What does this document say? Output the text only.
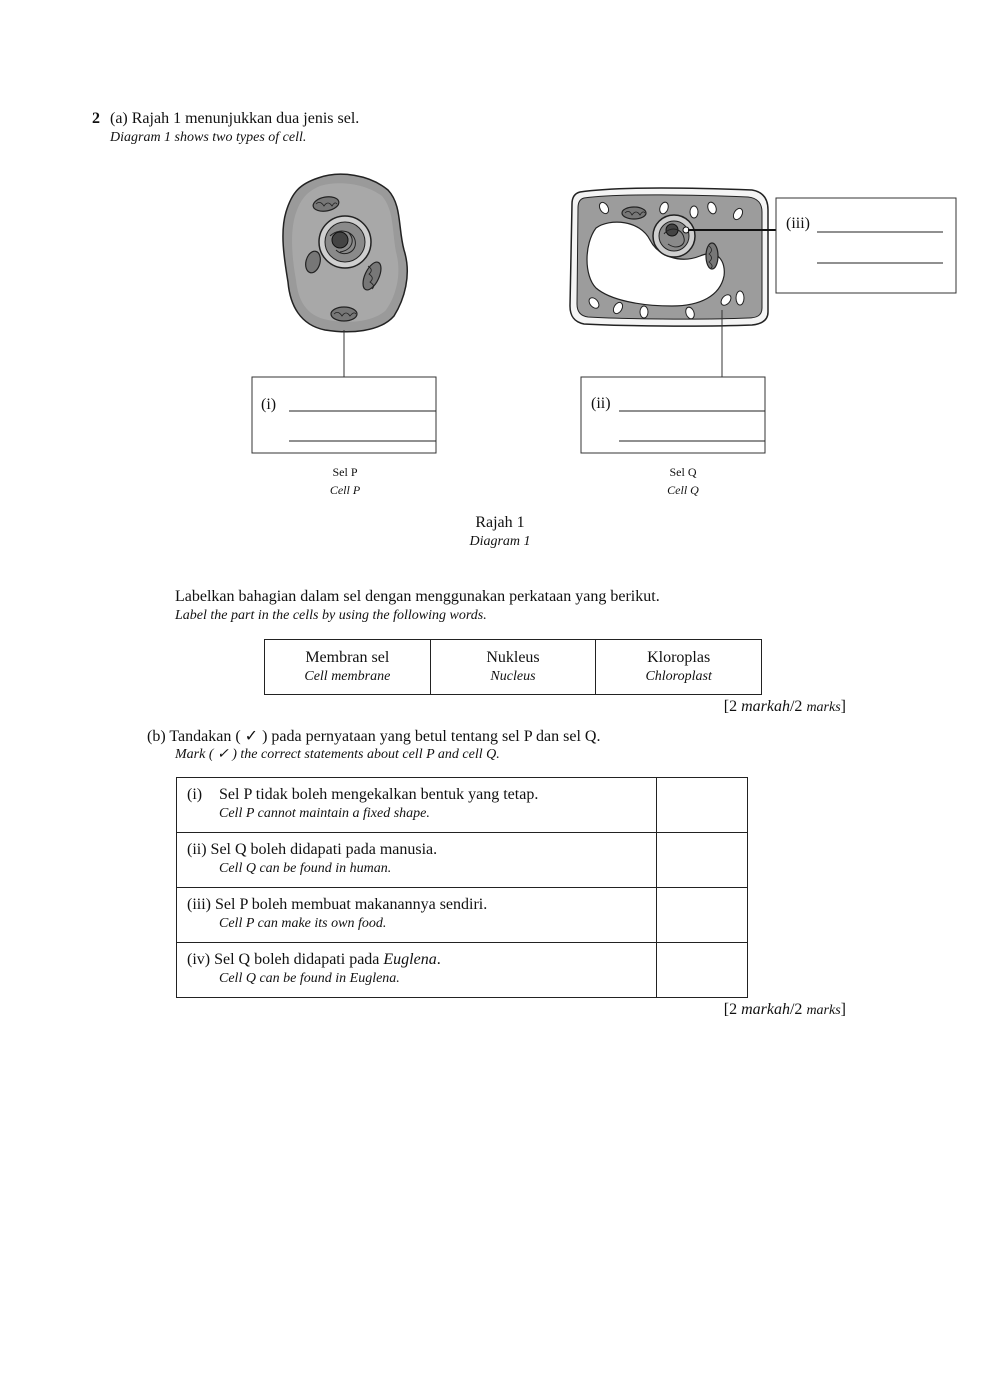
2 (a) Rajah 1 menunjukkan dua jenis sel.
Diagram 1 shows two types of cell.
(i)	(ii)
(iii)
Sel P
Cell P
Sel Q
Cell Q
Rajah 1
Diagram 1
Labelkan bahagian dalam sel dengan menggunakan perkataan yang berikut.
Label the part in the cells by using the following words.
Membran sel
Cell membrane

Nukleus
Nucleus

Kloroplas
Chloroplast
[2 markah/2 marks]
(b) Tandakan ( ✓ ) pada pernyataan yang betul tentang sel P dan sel Q.
Mark ( ✓ ) the correct statements about cell P and cell Q.
(i) Sel P tidak boleh mengekalkan bentuk yang tetap.
Cell P cannot maintain a fixed shape.	

(ii) Sel Q boleh didapati pada manusia.
Cell Q can be found in human.	

(iii) Sel P boleh membuat makanannya sendiri.
Cell P can make its own food.	

(iv) Sel Q boleh didapati pada Euglena.
Cell Q can be found in Euglena.	

[2 markah/2 marks]
